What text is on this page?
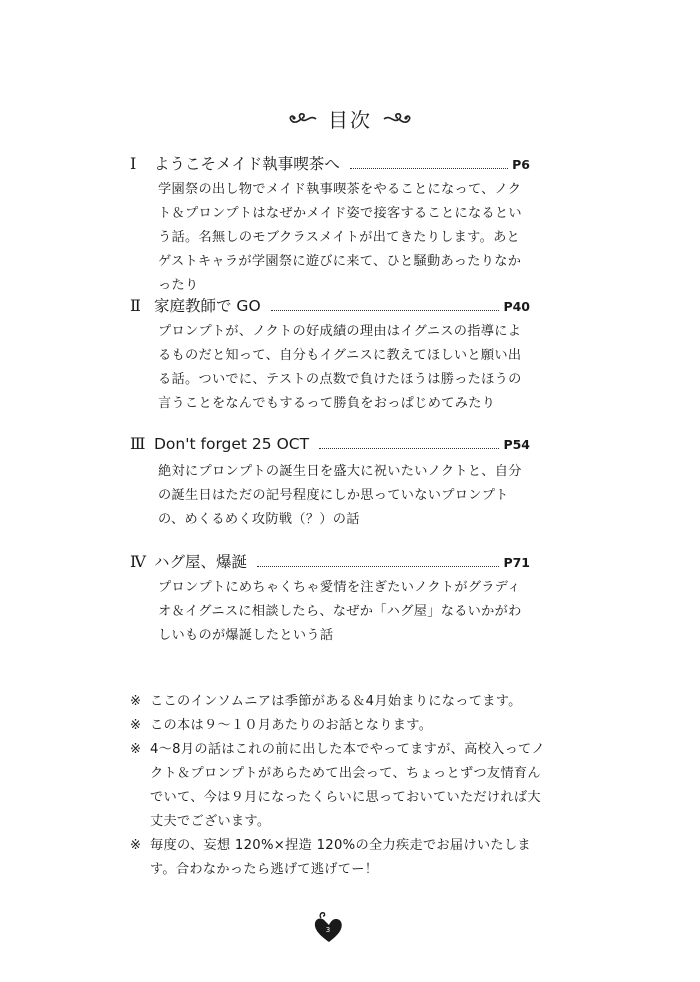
目次
Ⅰ	ようこそメイド執事喫茶へ	P6
学園祭の出し物でメイド執事喫茶をやることになって、ノクト＆プロンプトはなぜかメイド姿で接客することになるという話。名無しのモブクラスメイトが出てきたりします。あとゲストキャラが学園祭に遊びに来て、ひと騒動あったりなかったり
Ⅱ 家庭教師で GO	P40
プロンプトが、ノクトの好成績の理由はイグニスの指導によるものだと知って、自分もイグニスに教えてほしいと願い出る話。ついでに、テストの点数で負けたほうは勝ったほうの言うことをなんでもするって勝負をおっぱじめてみたり
Ⅲ Don't forget 25 OCT	P54
絶対にプロンプトの誕生日を盛大に祝いたいノクトと、自分の誕生日はただの記号程度にしか思っていないプロンプトの、めくるめく攻防戦（？）の話
Ⅳ ハグ屋、爆誕	P71
プロンプトにめちゃくちゃ愛情を注ぎたいノクトがグラディオ＆イグニスに相談したら、なぜか「ハグ屋」なるいかがわしいものが爆誕したという話
※ ここのインソムニアは季節がある＆4月始まりになってます。
※ この本は９〜１０月あたりのお話となります。
※ 4〜8月の話はこれの前に出した本でやってますが、高校入ってノクト＆プロンプトがあらためて出会って、ちょっとずつ友情育んでいて、今は９月になったくらいに思っておいていただければ大丈夫でございます。
※ 毎度の、妄想 120%×捏造 120%の全力疾走でお届けいたします。合わなかったら逃げて逃げてー！
3
